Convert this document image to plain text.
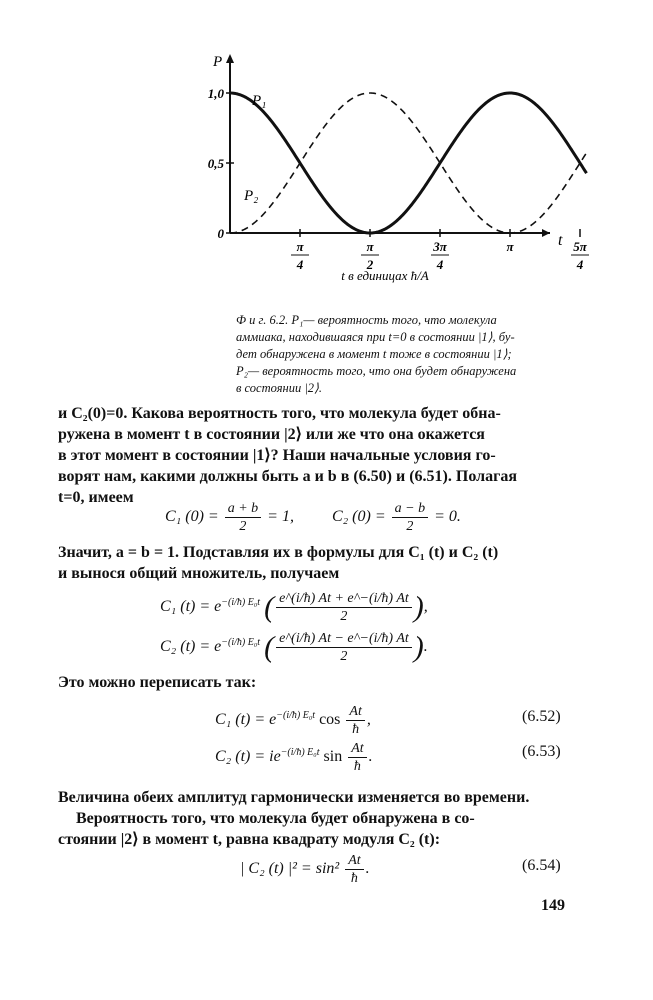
P
t
0
0,5
1,0
π
4
π
2
3π
4
π	5π
4
t в единицах ħ/A
P₁
P₂
Ф и г. 6.2. P₁— вероятность того, что молекула
аммиака, находившаяся при t=0 в состоянии |1⟩, бу-
дет обнаружена в момент t тоже в состоянии |1⟩;
P₂— вероятность того, что она будет обнаружена
в состоянии |2⟩.
и C₂(0)=0. Какова вероятность того, что молекула будет обна-
ружена в момент t в состоянии |2⟩ или же что она окажется
в этот момент в состоянии |1⟩? Наши начальные условия го-
ворят нам, какими должны быть a и b в (6.50) и (6.51). Полагая
t=0, имеем
C₁ $(0) = \frac{a + b}{2} = 1$, C₂ $(0) = \frac{a - b}{2} = 0$.
Значит, a = b = 1. Подставляя их в формулы для C₁ (t) и C₂ (t)
и вынося общий множитель, получаем
C₁ $(t) = e^{-(i/ħ) E_0t}$ ( $\frac{e\^{}(i/ħ) At + e\^{}-(i/ħ) At}{2}$ ),
C₂ $(t) = e^{-(i/ħ) E_0t}$ ( $\frac{e\^{}(i/ħ) At - e\^{}-(i/ħ) At}{2}$ ).
Это можно переписать так:
C₁ $(t) = e^{-(i/ħ) E_0t}$ $\cos \frac{At}{ħ}$ ,	(6.52)
C₂ $(t) = ie^{-(i/ħ) E_0t}$ $\sin \frac{At}{ħ}$ .	(6.53)
Величина обеих амплитуд гармонически изменяется во времени.
Вероятность того, что молекула будет обнаружена в со-
стоянии |2⟩ в момент t, равна квадрату модуля C₂ (t):
| C₂ (t) $|^2 = \sin^2 \frac{At}{ħ}$ .	(6.54)
149
